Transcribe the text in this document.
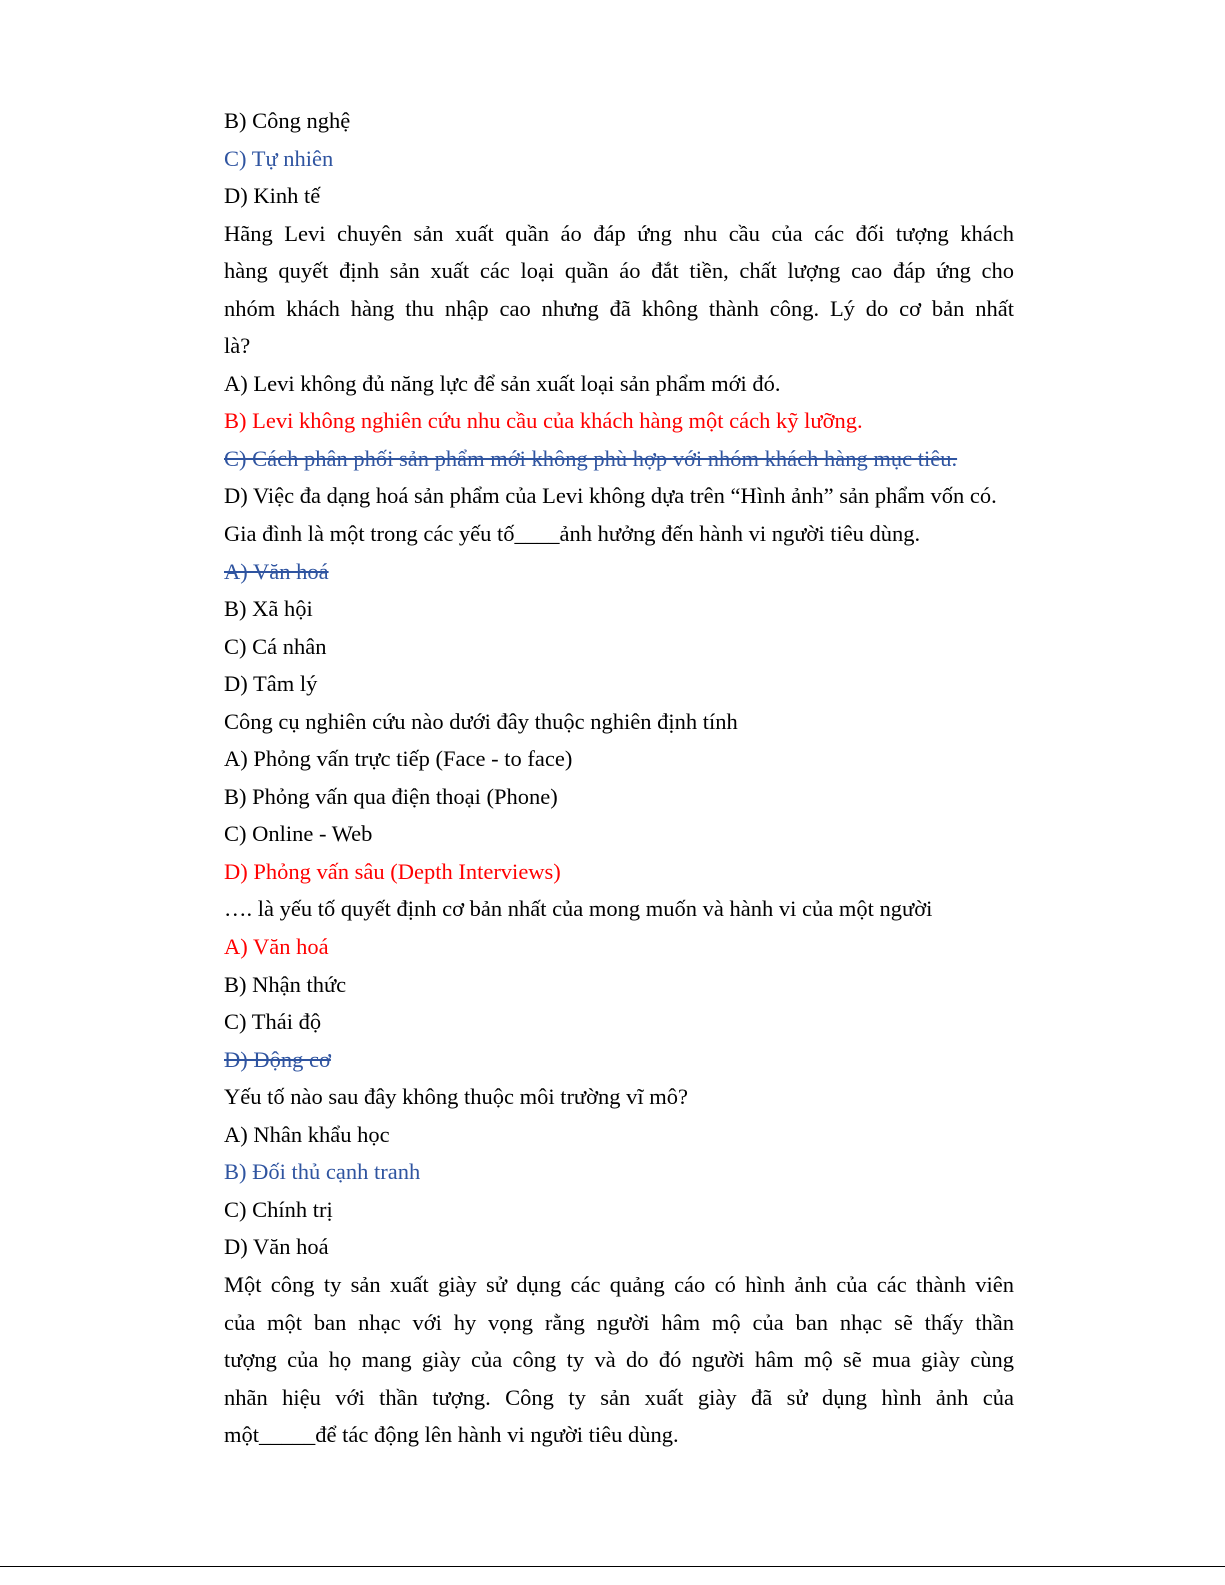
B) Công nghệ
C) Tự nhiên
D) Kinh tế
Hãng Levi chuyên sản xuất quần áo đáp ứng nhu cầu của các đối tượng khách
hàng quyết định sản xuất các loại quần áo đắt tiền, chất lượng cao đáp ứng cho
nhóm khách hàng thu nhập cao nhưng đã không thành công. Lý do cơ bản nhất
là?
A) Levi không đủ năng lực để sản xuất loại sản phẩm mới đó.
B) Levi không nghiên cứu nhu cầu của khách hàng một cách kỹ lưỡng.
C) Cách phân phối sản phẩm mới không phù hợp với nhóm khách hàng mục tiêu.
D) Việc đa dạng hoá sản phẩm của Levi không dựa trên “Hình ảnh” sản phẩm vốn có.
Gia đình là một trong các yếu tố____ảnh hưởng đến hành vi người tiêu dùng.
A) Văn hoá
B) Xã hội
C) Cá nhân
D) Tâm lý
Công cụ nghiên cứu nào dưới đây thuộc nghiên định tính
A) Phỏng vấn trực tiếp (Face - to face)
B) Phỏng vấn qua điện thoại (Phone)
C) Online - Web
D) Phỏng vấn sâu (Depth Interviews)
…. là yếu tố quyết định cơ bản nhất của mong muốn và hành vi của một người
A) Văn hoá
B) Nhận thức
C) Thái độ
D) Động cơ
Yếu tố nào sau đây không thuộc môi trường vĩ mô?
A) Nhân khẩu học
B) Đối thủ cạnh tranh
C) Chính trị
D) Văn hoá
Một công ty sản xuất giày sử dụng các quảng cáo có hình ảnh của các thành viên
của một ban nhạc với hy vọng rằng người hâm mộ của ban nhạc sẽ thấy thần
tượng của họ mang giày của công ty và do đó người hâm mộ sẽ mua giày cùng
nhãn hiệu với thần tượng. Công ty sản xuất giày đã sử dụng hình ảnh của
một_____để tác động lên hành vi người tiêu dùng.
